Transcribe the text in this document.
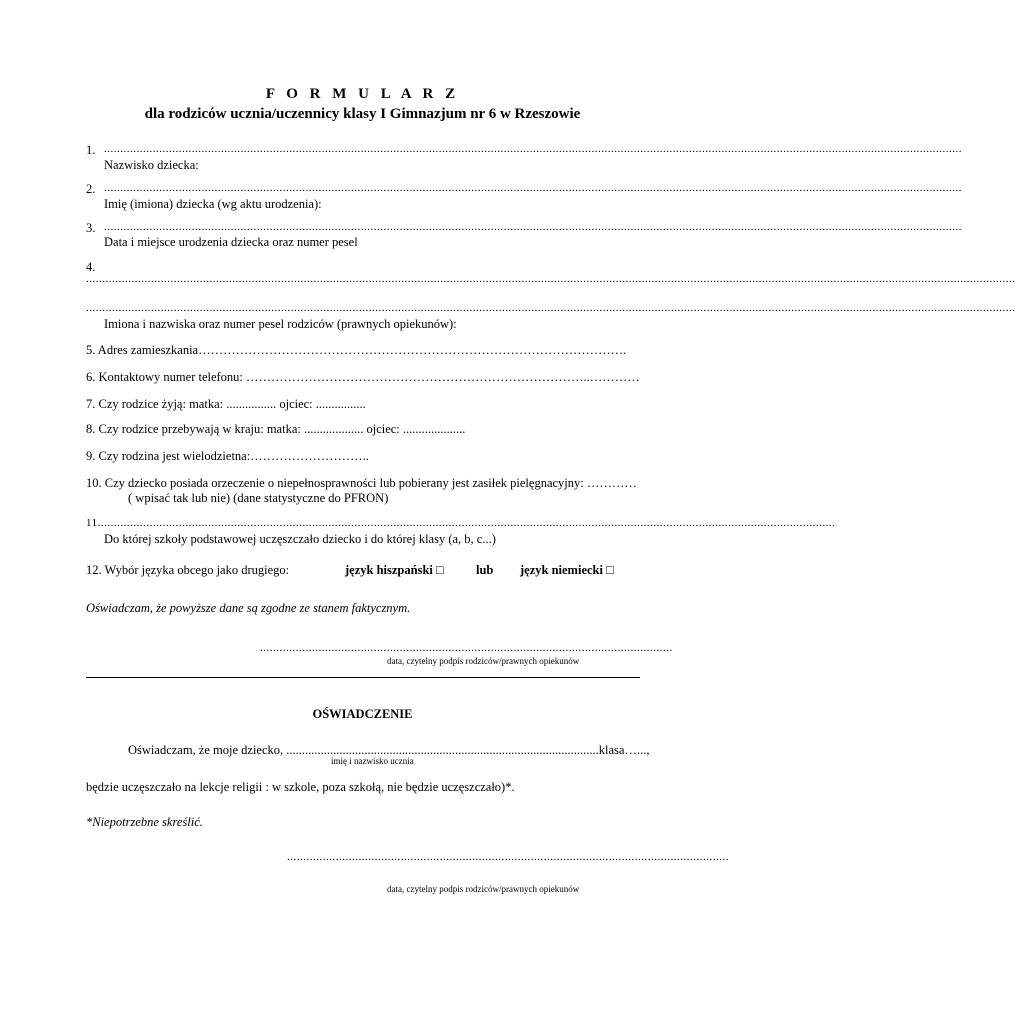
F O R M U L A R Z
dla rodziców ucznia/uczennicy klasy I Gimnazjum nr 6 w Rzeszowie
1. ........................................................................................................................................................................................................................................................................
Nazwisko dziecka:
2. ........................................................................................................................................................................................................................................................................
Imię (imiona) dziecka (wg aktu urodzenia):
3. ........................................................................................................................................................................................................................................................................
Data i miejsce urodzenia dziecka oraz numer pesel
4.
..............................................................................................................................................................................................................................................................................................
..............................................................................................................................................................................................................................................................................................
Imiona i nazwiska oraz numer pesel rodziców (prawnych opiekunów):
5. Adres zamieszkania………………………………………………………………………………………….
6. Kontaktowy numer telefonu: ………………………………………………………………………..…………
7. Czy rodzice żyją: matka: ................ ojciec: ................
8. Czy rodzice przebywają w kraju: matka: ................... ojciec: ....................
9. Czy rodzina jest wielodzietna:………………………..
10. Czy dziecko posiada orzeczenie o niepełnosprawności lub pobierany jest zasiłek pielęgnacyjny: …………
( wpisać tak lub nie) (dane statystyczne do PFRON)
11...................................................................................................................................................................................................................................
Do której szkoły podstawowej uczęszczało dziecko i do której klasy (a, b, c...)
12. Wybór języka obcego jako drugiego:	język hiszpański □	lub język niemiecki □
Oświadczam, że powyższe dane są zgodne ze stanem faktycznym.
...............................................................................................................................
data, czytelny podpis rodziców/prawnych opiekunów
OŚWIADCZENIE
Oświadczam, że moje dziecko, ....................................................................................................klasa…...,
imię i nazwisko ucznia
będzie uczęszczało na lekcje religii : w szkole, poza szkołą, nie będzie uczęszczało)*.
*Niepotrzebne skreślić.
........................................................................................................................................
data, czytelny podpis rodziców/prawnych opiekunów
